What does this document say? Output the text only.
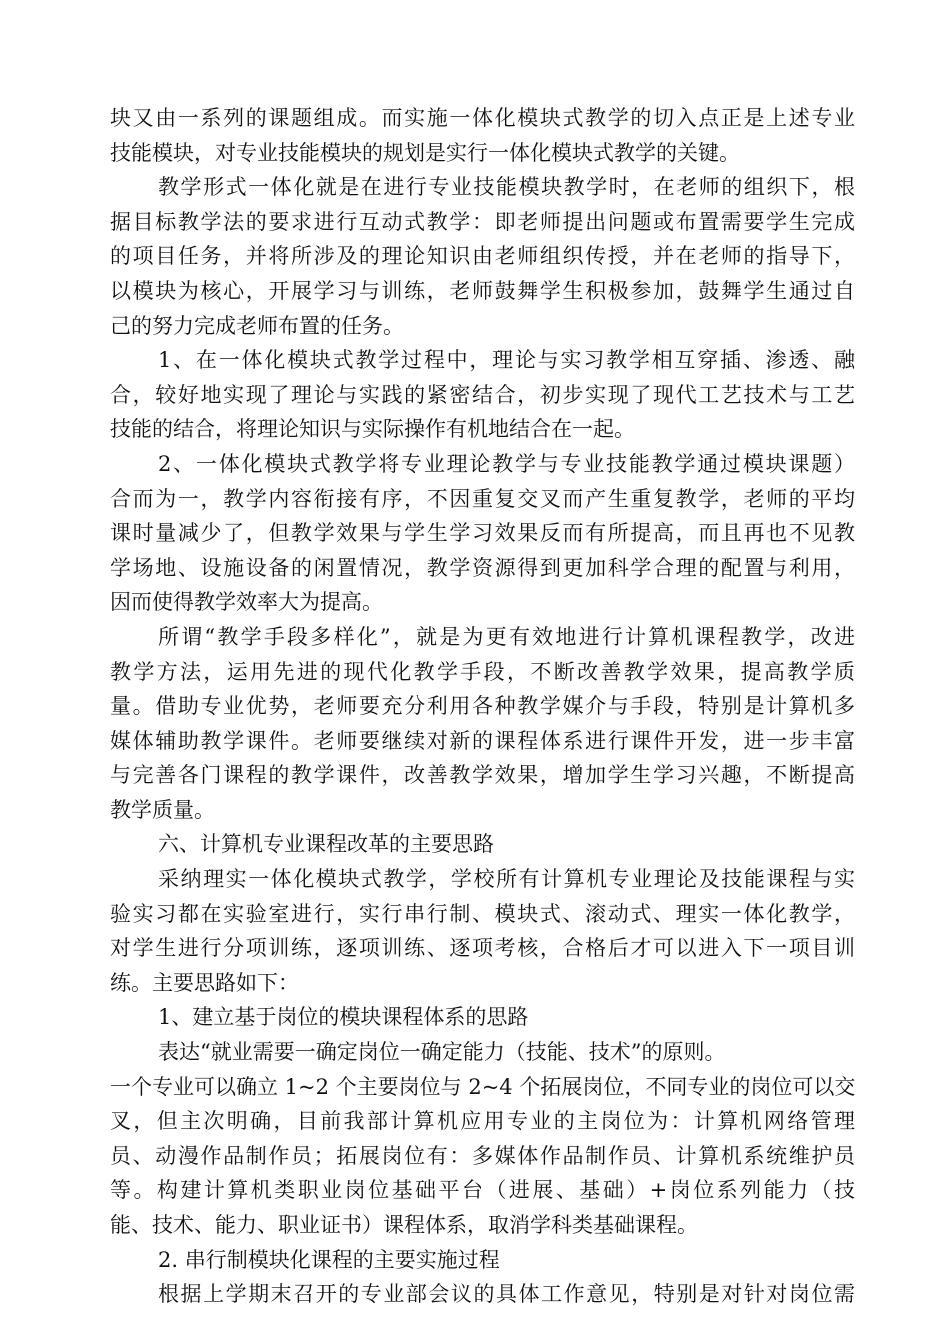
块又由一系列的课题组成。而实施一体化模块式教学的切入点正是上述专业
技能模块，对专业技能模块的规划是实行一体化模块式教学的关键。
教学形式一体化就是在进行专业技能模块教学时，在老师的组织下，根
据目标教学法的要求进行互动式教学：即老师提出问题或布置需要学生完成
的项目任务，并将所涉及的理论知识由老师组织传授，并在老师的指导下，
以模块为核心，开展学习与训练，老师鼓舞学生积极参加，鼓舞学生通过自
己的努力完成老师布置的任务。
1、在一体化模块式教学过程中，理论与实习教学相互穿插、渗透、融
合，较好地实现了理论与实践的紧密结合，初步实现了现代工艺技术与工艺
技能的结合，将理论知识与实际操作有机地结合在一起。
2、一体化模块式教学将专业理论教学与专业技能教学通过模块课题）
合而为一，教学内容衔接有序，不因重复交叉而产生重复教学，老师的平均
课时量减少了，但教学效果与学生学习效果反而有所提高，而且再也不见教
学场地、设施设备的闲置情况，教学资源得到更加科学合理的配置与利用，
因而使得教学效率大为提高。
所谓“教学手段多样化”，就是为更有效地进行计算机课程教学，改进
教学方法，运用先进的现代化教学手段，不断改善教学效果，提高教学质
量。借助专业优势，老师要充分利用各种教学媒介与手段，特别是计算机多
媒体辅助教学课件。老师要继续对新的课程体系进行课件开发，进一步丰富
与完善各门课程的教学课件，改善教学效果，增加学生学习兴趣，不断提高
教学质量。
六、计算机专业课程改革的主要思路
采纳理实一体化模块式教学，学校所有计算机专业理论及技能课程与实
验实习都在实验室进行，实行串行制、模块式、滚动式、理实一体化教学，
对学生进行分项训练，逐项训练、逐项考核，合格后才可以进入下一项目训
练。主要思路如下：
1、建立基于岗位的模块课程体系的思路
表达“就业需要一确定岗位一确定能力（技能、技术”的原则。
一个专业可以确立 1~2 个主要岗位与 2~4 个拓展岗位，不同专业的岗位可以交
叉，但主次明确，目前我部计算机应用专业的主岗位为：计算机网络管理
员、动漫作品制作员；拓展岗位有：多媒体作品制作员、计算机系统维护员
等。构建计算机类职业岗位基础平台（进展、基础）+岗位系列能力（技
能、技术、能力、职业证书）课程体系，取消学科类基础课程。
2. 串行制模块化课程的主要实施过程
根据上学期末召开的专业部会议的具体工作意见，特别是对针对岗位需
